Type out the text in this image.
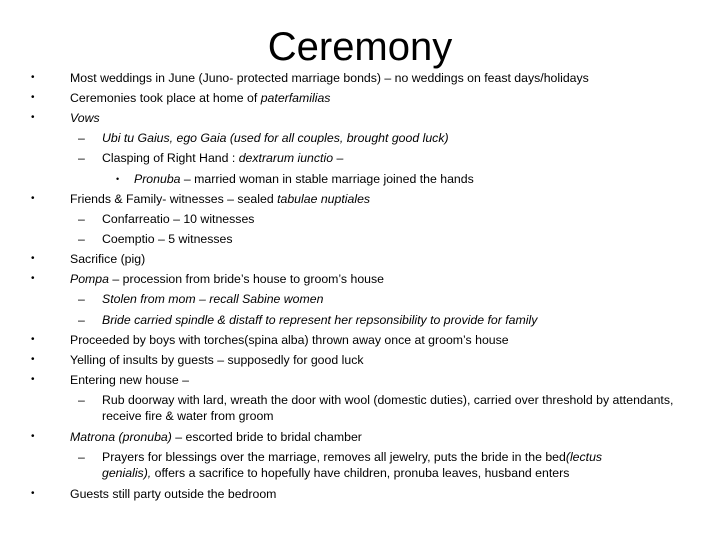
Ceremony
•	Most weddings in June (Juno- protected marriage bonds) – no weddings on feast days/holidays
•	Ceremonies took place at home of paterfamilias
•	Vows
– Ubi tu Gaius, ego Gaia (used for all couples, brought good luck)
– Clasping of Right Hand : dextrarum iunctio –
• Pronuba – married woman in stable marriage joined the hands
•	Friends & Family- witnesses – sealed tabulae nuptiales
– Confarreatio – 10 witnesses
– Coemptio – 5 witnesses
•	Sacrifice (pig)
•	Pompa – procession from bride’s house to groom’s house
– Stolen from mom – recall Sabine women
– Bride carried spindle & distaff to represent her repsonsibility to provide for family
•	Proceeded by boys with torches(spina alba) thrown away once at groom’s house
•	Yelling of insults by guests – supposedly for good luck
•	Entering new house –
– Rub doorway with lard, wreath the door with wool (domestic duties), carried over threshold by attendants, receive fire & water from groom
•	Matrona (pronuba) – escorted bride to bridal chamber
– Prayers for blessings over the marriage, removes all jewelry, puts the bride in the bed(lectus genialis), offers a sacrifice to hopefully have children, pronuba leaves, husband enters
•	Guests still party outside the bedroom
